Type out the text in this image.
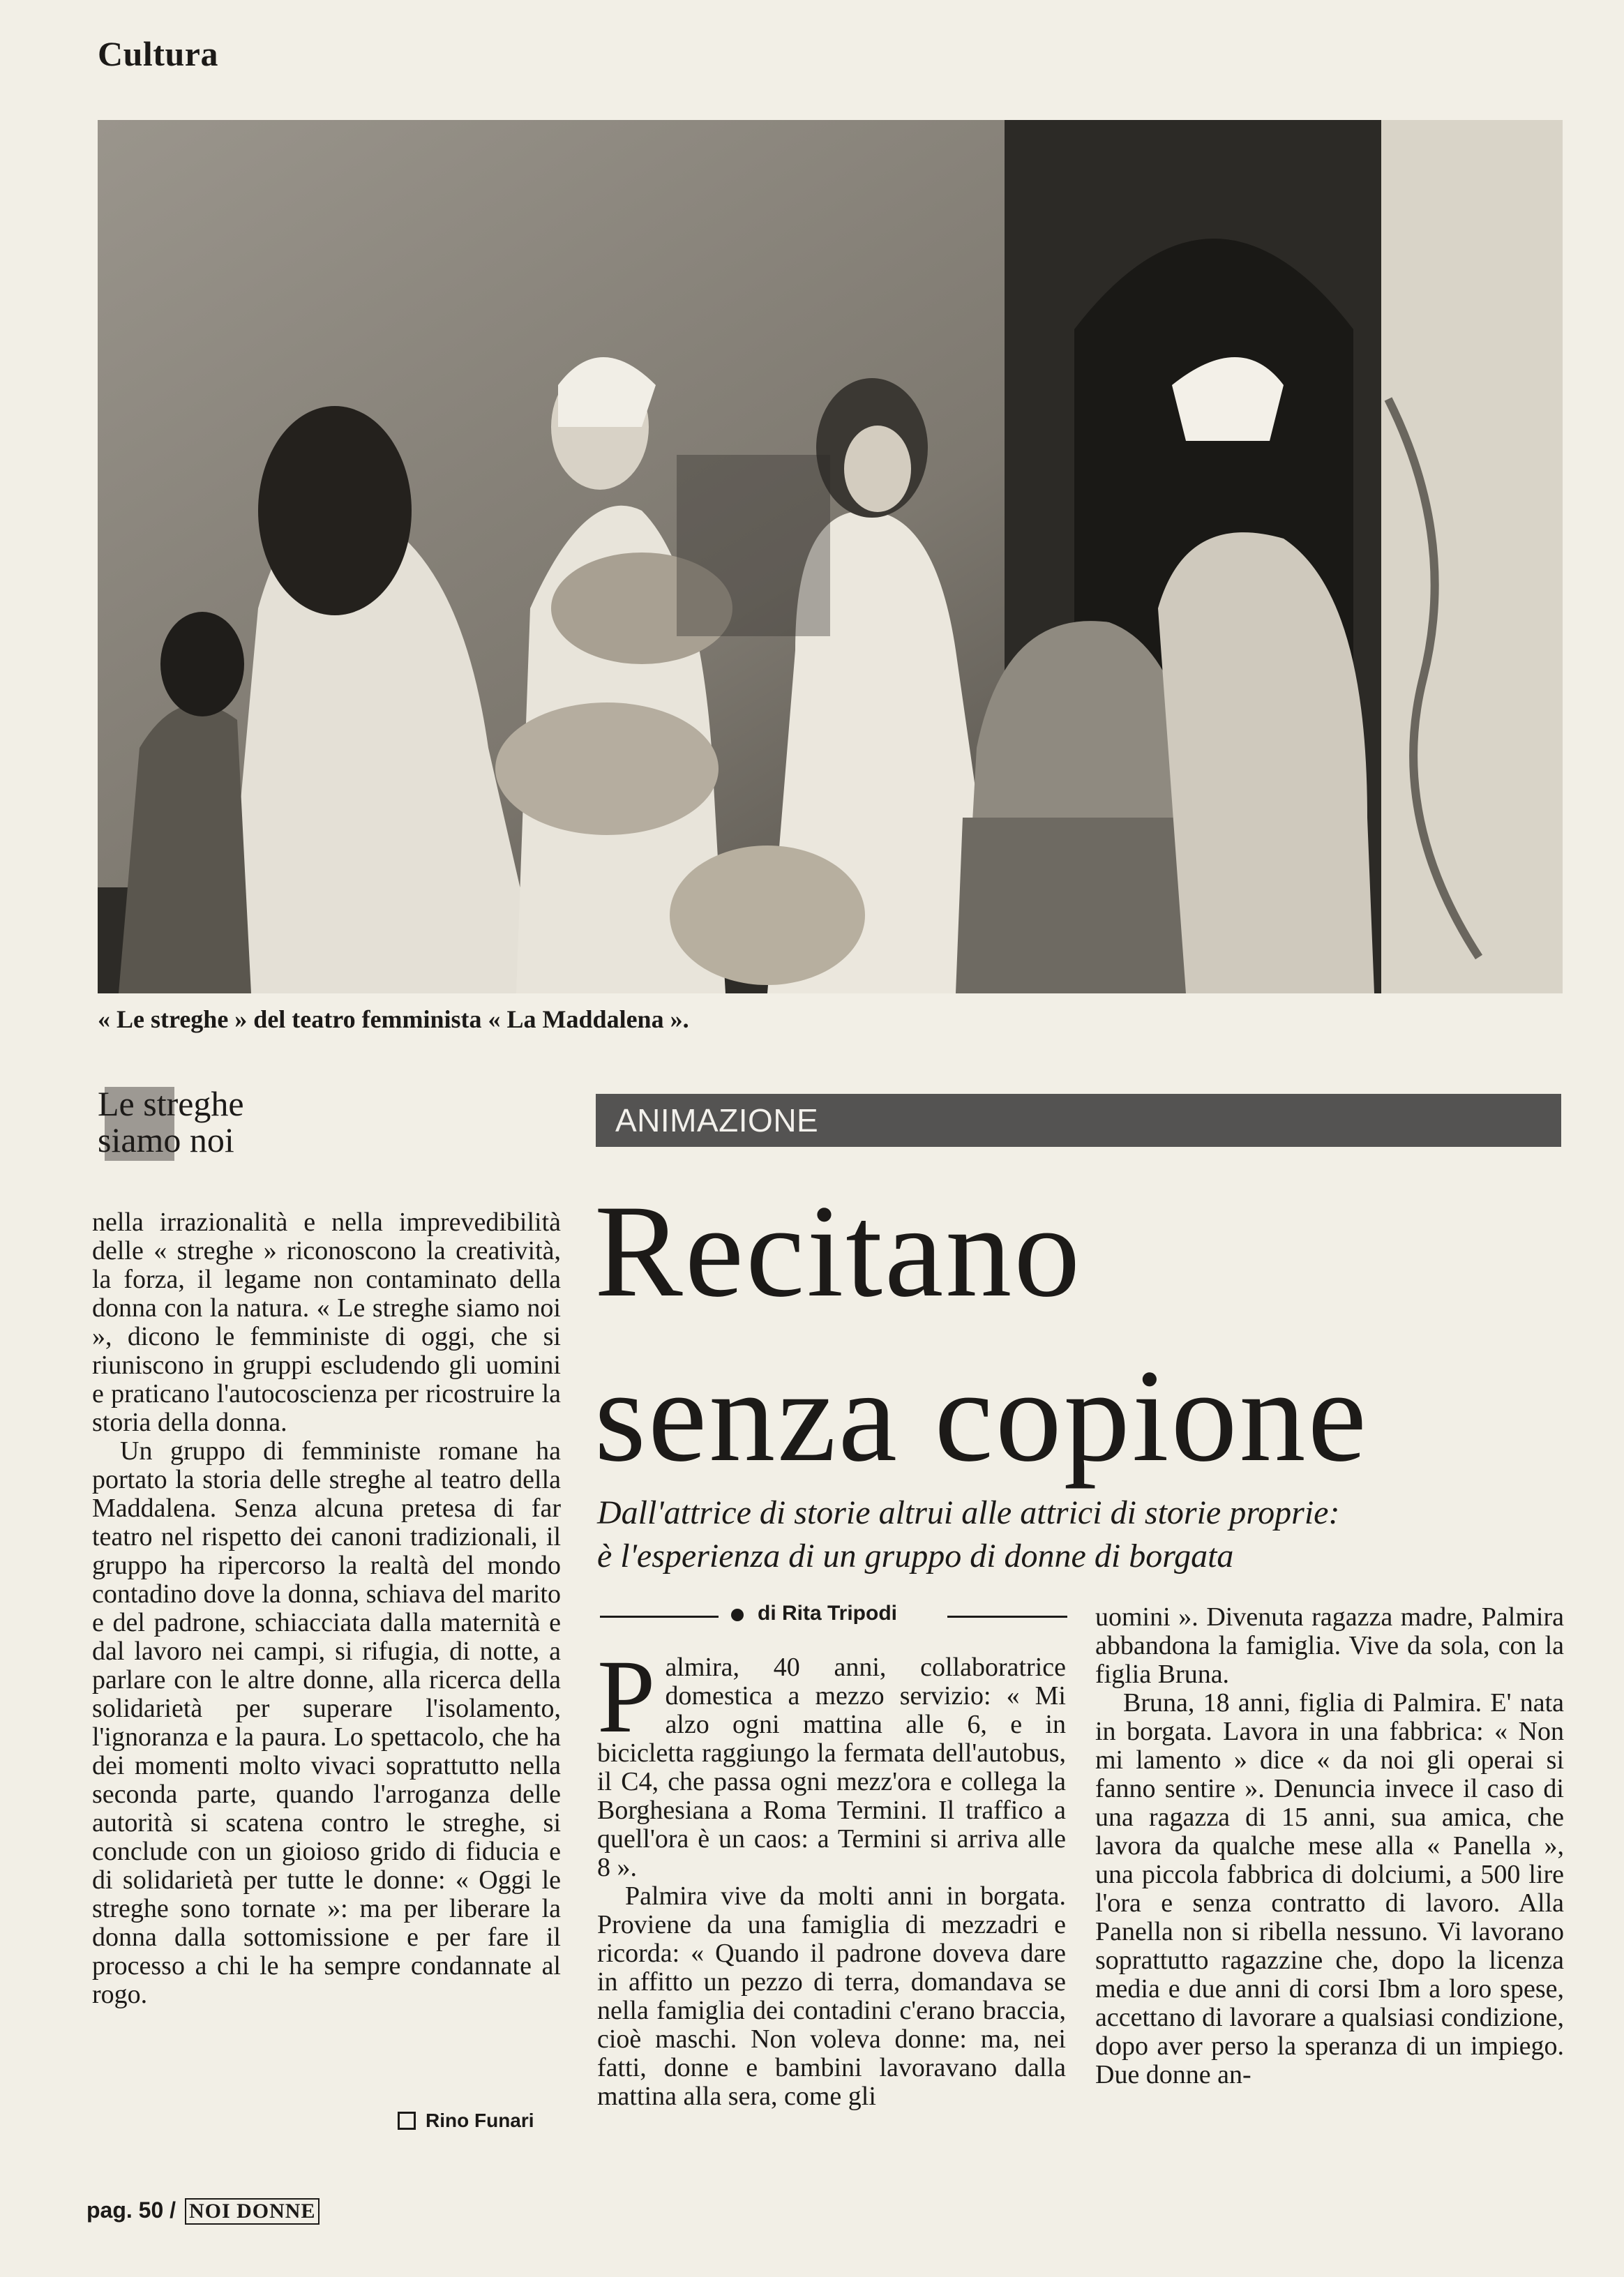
Cultura
« Le streghe » del teatro femminista « La Maddalena ».
Le streghe
siamo noi

nella irrazionalità e nella imprevedibilità delle « streghe » riconoscono la creatività, la forza, il legame non contaminato della donna con la natura. « Le streghe siamo noi », dicono le femministe di oggi, che si riuniscono in gruppi escludendo gli uomini e praticano l'autocoscienza per ricostruire la storia della donna.

Un gruppo di femministe romane ha portato la storia delle streghe al teatro della Maddalena. Senza alcuna pretesa di far teatro nel rispetto dei canoni tradizionali, il gruppo ha ripercorso la realtà del mondo contadino dove la donna, schiava del marito e del padrone, schiacciata dalla maternità e dal lavoro nei campi, si rifugia, di notte, a parlare con le altre donne, alla ricerca della solidarietà per superare l'isolamento, l'ignoranza e la paura. Lo spettacolo, che ha dei momenti molto vivaci soprattutto nella seconda parte, quando l'arroganza delle autorità si scatena contro le streghe, si conclude con un gioioso grido di fiducia e di solidarietà per tutte le donne: « Oggi le streghe sono tornate »: ma per liberare la donna dalla sottomissione e per fare il processo a chi le ha sempre condannate al rogo.

Rino Funari
pag. 50 / NOI DONNE
ANIMAZIONE
Recitano
senza copione
Dall'attrice di storie altrui alle attrici di storie proprie:
è l'esperienza di un gruppo di donne di borgata
di Rita Tripodi

Palmira, 40 anni, collaboratrice domestica a mezzo servizio: « Mi alzo ogni mattina alle 6, e in bicicletta raggiungo la fermata dell'autobus, il C4, che passa ogni mezz'ora e collega la Borghesiana a Roma Termini. Il traffico a quell'ora è un caos: a Termini si arriva alle 8 ».

Palmira vive da molti anni in borgata. Proviene da una famiglia di mezzadri e ricorda: « Quando il padrone doveva dare in affitto un pezzo di terra, domandava se nella famiglia dei contadini c'erano braccia, cioè maschi. Non voleva donne: ma, nei fatti, donne e bambini lavoravano dalla mattina alla sera, come gli

uomini ». Divenuta ragazza madre, Palmira abbandona la famiglia. Vive da sola, con la figlia Bruna.

Bruna, 18 anni, figlia di Palmira. E' nata in borgata. Lavora in una fabbrica: « Non mi lamento » dice « da noi gli operai si fanno sentire ». Denuncia invece il caso di una ragazza di 15 anni, sua amica, che lavora da qualche mese alla « Panella », una piccola fabbrica di dolciumi, a 500 lire l'ora e senza contratto di lavoro. Alla Panella non si ribella nessuno. Vi lavorano soprattutto ragazzine che, dopo la licenza media e due anni di corsi Ibm a loro spese, accettano di lavorare a qualsiasi condizione, dopo aver perso la speranza di un impiego. Due donne an-
